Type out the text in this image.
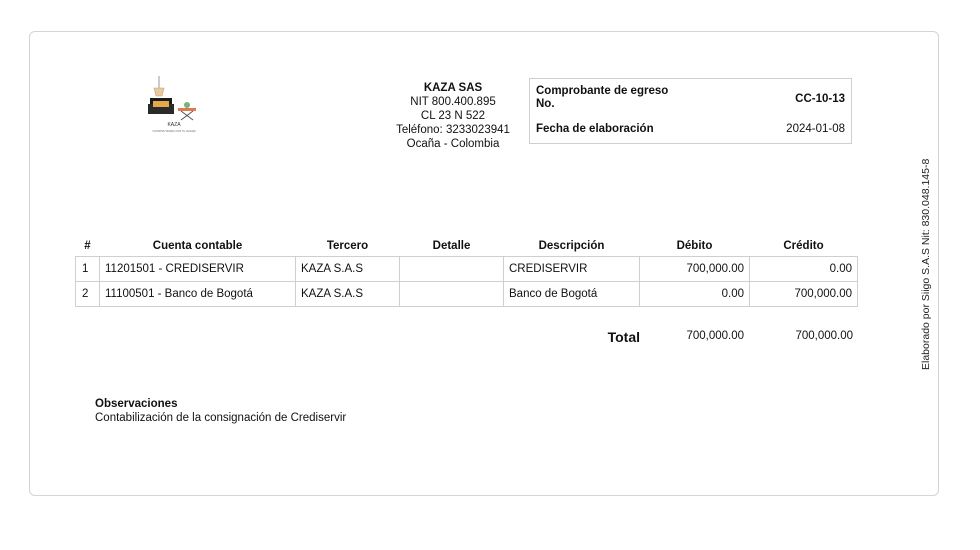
KAZA
CONSTRUYENDO CON TU HOGAR
KAZA SAS
NIT 800.400.895
CL 23 N 522
Teléfono: 3233023941
Ocaña - Colombia
Comprobante de egreso No.	CC-10-13
Fecha de elaboración	2024-01-08
#	Cuenta contable	Tercero	Detalle	Descripción	Débito	Crédito
1	11201501 - CREDISERVIR	KAZA S.A.S		CREDISERVIR	700,000.00	0.00
2	11100501 - Banco de Bogotá	KAZA S.A.S		Banco de Bogotá	0.00	700,000.00
Total	700,000.00	700,000.00
Observaciones
Contabilización de la consignación de Crediservir
Elaborado por Siigo S.A.S Nit: 830.048.145-8
